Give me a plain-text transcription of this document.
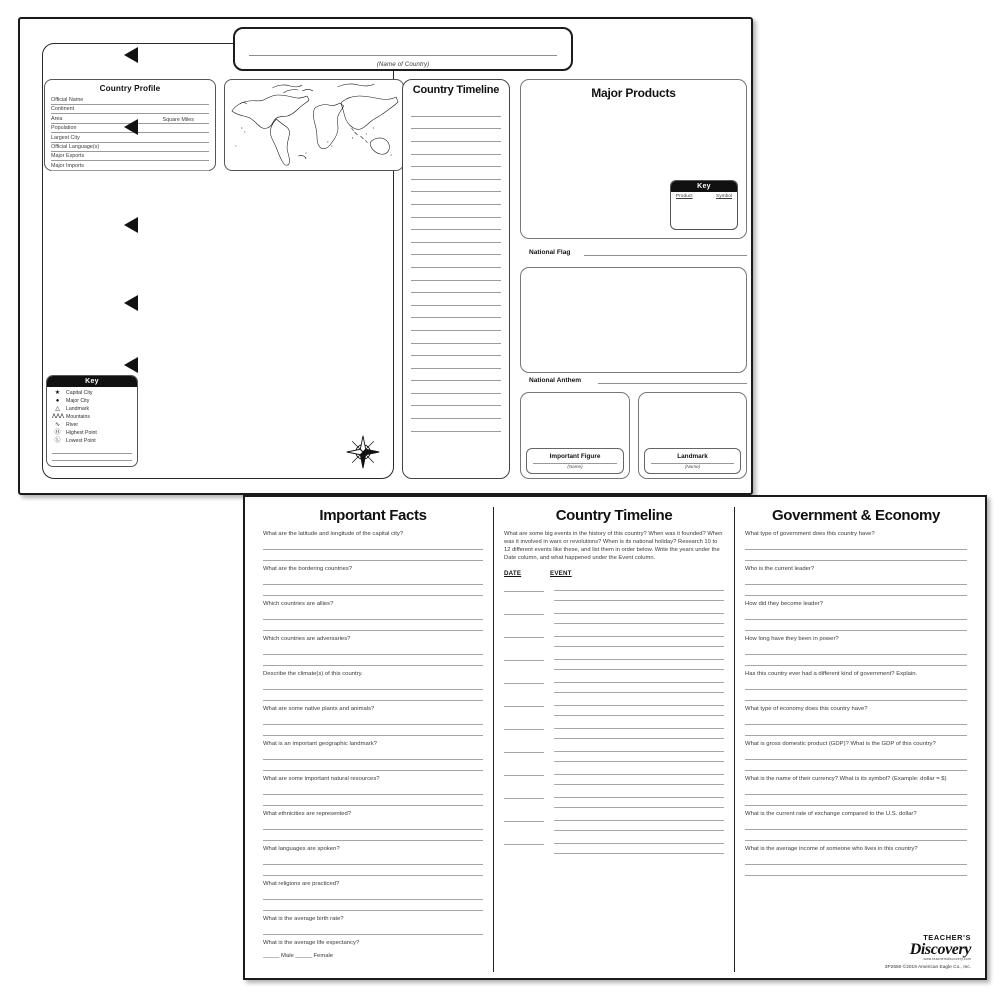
(Name of Country)
Country Profile
Official Name
Continent
Area	Square Miles
Population
Largest City
Official Language(s)
Major Exports
Major Imports
Key
★	Capital City
●	Major City
△	Landmark
ΛΛΛ Mountains
∿	River
Ⓗ	Highest Point
Ⓛ	Lowest Point
Country Timeline	Major Products
Key
Product	Symbol
National Flag
National Anthem
Important Figure
(Name)
Landmark
(Name)
Important Facts
What are the latitude and longitude of the capital city?
What are the bordering countries?
Which countries are allies?
Which countries are adversaries?
Describe the climate(s) of this country.
What are some native plants and animals?
What is an important geographic landmark?
What are some important natural resources?
What ethnicities are represented?
What languages are spoken?
What religions are practiced?
What is the average birth rate?
What is the average life expectancy?
_____ Male _____ Female
Country Timeline
What are some big events in the history of this country? When was it founded? When was it involved in wars or revolutions? When is its national holiday? Research 10 to 12 different events like these, and list them in order below. Write the years under the Date column, and what happened under the Event column.
DATE	EVENT
Government & Economy
What type of government does this country have?
Who is the current leader?
How did they become leader?
How long have they been in power?
Has this country ever had a different kind of government? Explain.
What type of economy does this country have?
What is gross domestic product (GDP)? What is the GDP of this country?
What is the name of their currency? What is its symbol? (Example: dollar = $)
What is the current rate of exchange compared to the U.S. dollar?
What is the average income of someone who lives in this country?
TEACHER'S
Discovery
www.teachersdiscovery.com
3P2650 ©2019 American Eagle Co., Inc.
